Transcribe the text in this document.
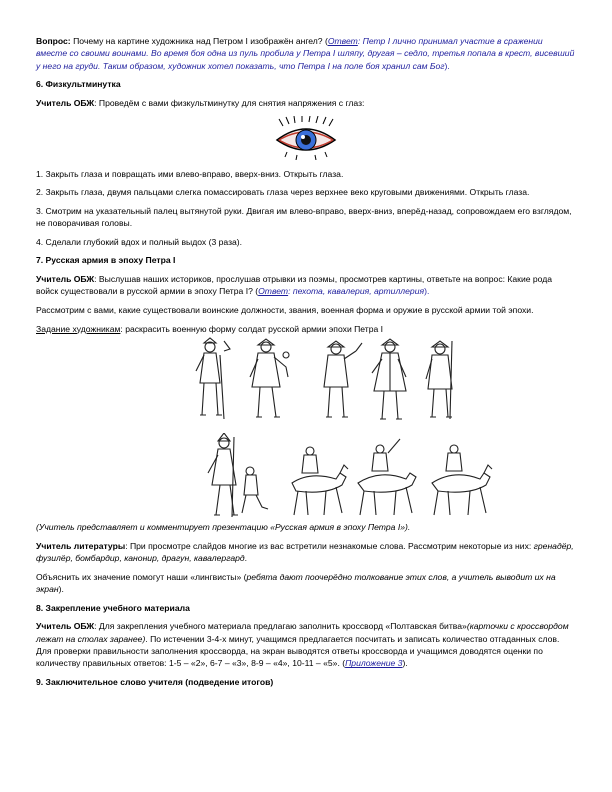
Вопрос: Почему на картине художника над Петром I изображён ангел? (Ответ: Петр I лично принимал участие в сражении вместе со своими воинами. Во время боя одна из пуль пробила у Петра I шляпу, другая – седло, третья попала в крест, висевший у него на груди. Таким образом, художник хотел показать, что Петра I на поле боя хранил сам Бог).

6. Физкультминутка

Учитель ОБЖ: Проведём с вами физкультминутку для снятия напряжения с глаз:

1. Закрыть глаза и повращать ими влево-вправо, вверх-вниз. Открыть глаза.

2. Закрыть глаза, двумя пальцами слегка помассировать глаза через верхнее веко круговыми движениями. Открыть глаза.

3. Смотрим на указательный палец вытянутой руки. Двигая им влево-вправо, вверх-вниз, вперёд-назад, сопровождаем его взглядом, не поворачивая головы.

4. Сделали глубокий вдох и полный выдох (3 раза).

7. Русская армия в эпоху Петра I

Учитель ОБЖ: Выслушав наших историков, прослушав отрывки из поэмы, просмотрев картины, ответьте на вопрос: Какие рода войск существовали в русской армии в эпоху Петра I? (Ответ: пехота, кавалерия, артиллерия).

Рассмотрим с вами, какие существовали воинские должности, звания, военная форма и оружие в русской армии той эпохи.

Задание художникам: раскрасить военную форму солдат русской армии эпохи Петра I

(Учитель представляет и комментирует презентацию «Русская армия в эпоху Петра I»).

Учитель литературы: При просмотре слайдов многие из вас встретили незнакомые слова. Рассмотрим некоторые из них: гренадёр, фузилёр, бомбардир, канонир, драгун, кавалергард.

Объяснить их значение помогут наши «лингвисты» (ребята дают поочерёдно толкование этих слов, а учитель выводит их на экран).

8. Закрепление учебного материала

Учитель ОБЖ: Для закрепления учебного материала предлагаю заполнить кроссворд «Полтавская битва»(карточки с кроссвордом лежат на столах заранее). По истечении 3-4-х минут, учащимся предлагается посчитать и записать количество отгаданных слов. Для проверки правильности заполнения кроссворда, на экран выводятся ответы кроссворда и учащимся доводятся оценки по количеству правильных ответов: 1-5 – «2», 6-7 – «3», 8-9 – «4», 10-11 – «5». (Приложение 3).

9. Заключительное слово учителя (подведение итогов)
